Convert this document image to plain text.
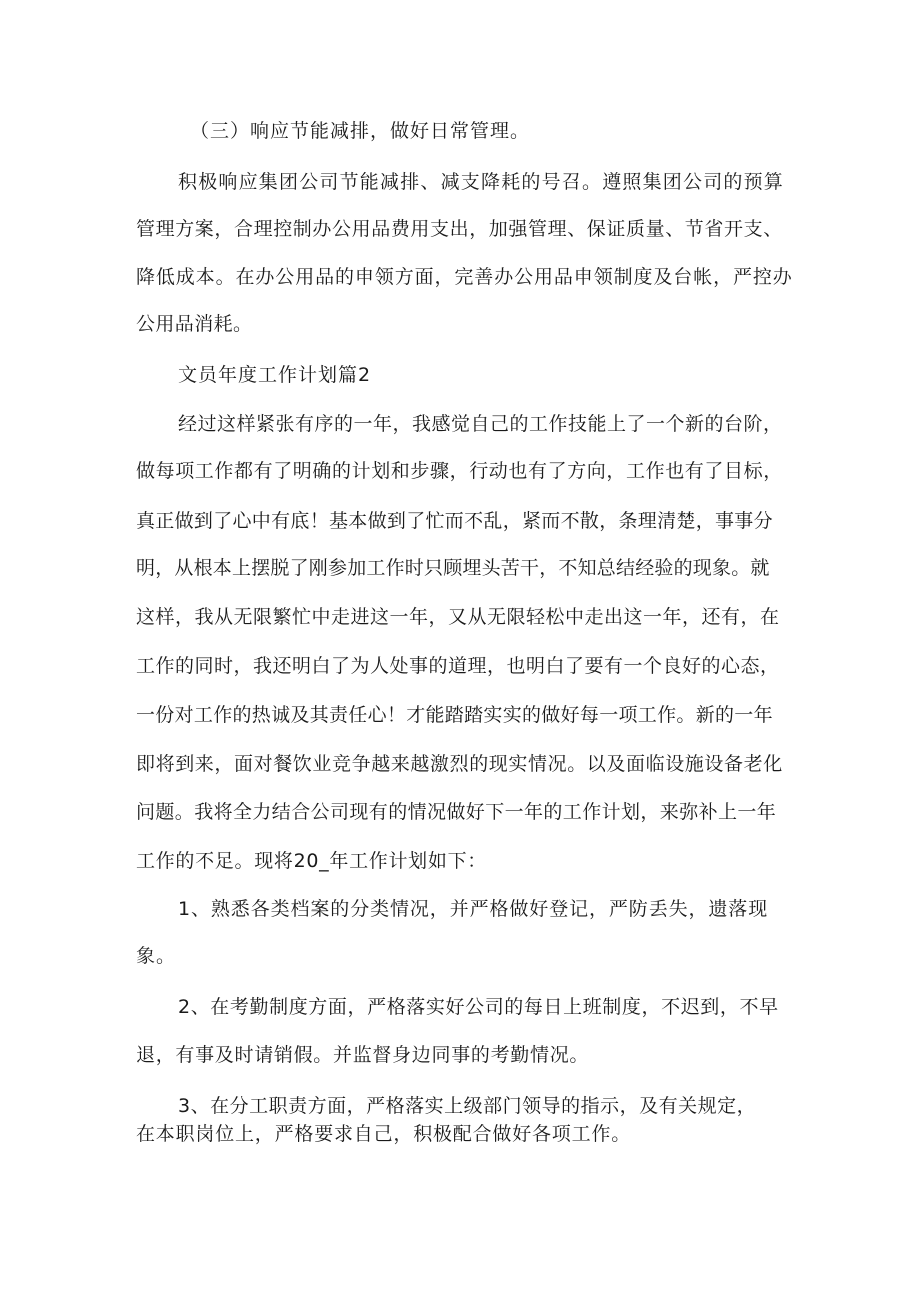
（三）响应节能减排，做好日常管理。

积极响应集团公司节能减排、减支降耗的号召。遵照集团公司的预算

管理方案，合理控制办公用品费用支出，加强管理、保证质量、节省开支、

降低成本。在办公用品的申领方面，完善办公用品申领制度及台帐，严控办

公用品消耗。

文员年度工作计划篇2

经过这样紧张有序的一年，我感觉自己的工作技能上了一个新的台阶，

做每项工作都有了明确的计划和步骤，行动也有了方向，工作也有了目标，

真正做到了心中有底！基本做到了忙而不乱，紧而不散，条理清楚，事事分

明，从根本上摆脱了刚参加工作时只顾埋头苦干，不知总结经验的现象。就

这样，我从无限繁忙中走进这一年，又从无限轻松中走出这一年，还有，在

工作的同时，我还明白了为人处事的道理，也明白了要有一个良好的心态，

一份对工作的热诚及其责任心！才能踏踏实实的做好每一项工作。新的一年

即将到来，面对餐饮业竞争越来越激烈的现实情况。以及面临设施设备老化

问题。我将全力结合公司现有的情况做好下一年的工作计划，来弥补上一年

工作的不足。现将20_年工作计划如下：

1、熟悉各类档案的分类情况，并严格做好登记，严防丢失，遗落现

象。

2、在考勤制度方面，严格落实好公司的每日上班制度，不迟到，不早

退，有事及时请销假。并监督身边同事的考勤情况。

3、在分工职责方面，严格落实上级部门领导的指示，及有关规定，

在本职岗位上，严格要求自己，积极配合做好各项工作。
